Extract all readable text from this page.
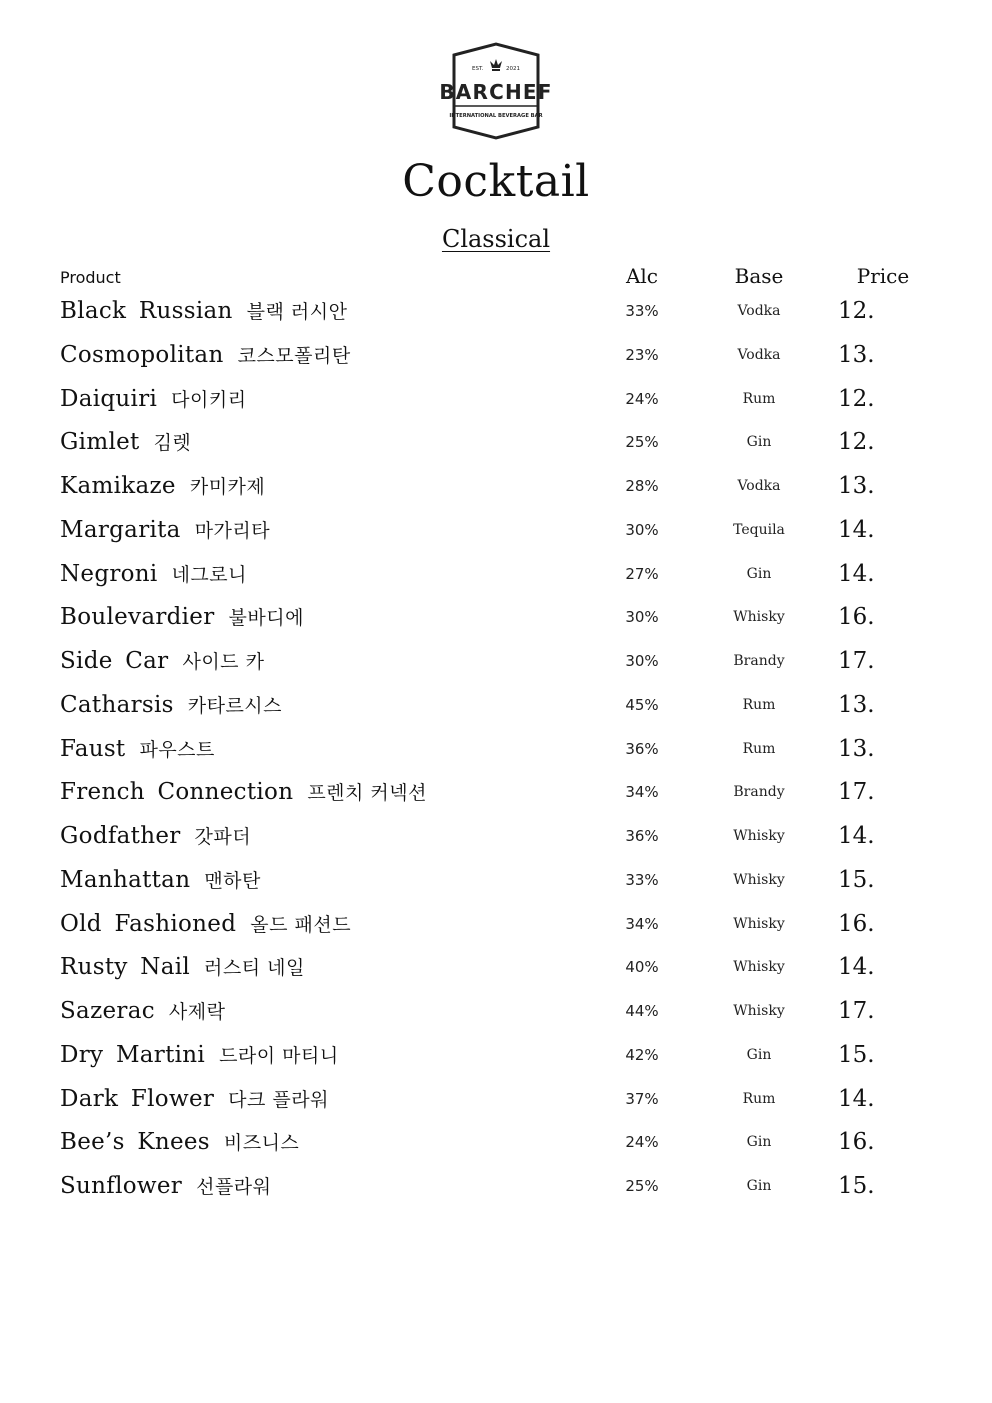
EST.	2021
BARCHEF
INTERNATIONAL BEVERAGE BAR
Cocktail
Classical
Product	Alc	Base	Price
Black Russian 블랙 러시안	33%	Vodka	12.
Cosmopolitan 코스모폴리탄	23%	Vodka	13.
Daiquiri 다이키리	24%	Rum	12.
Gimlet 김렛	25%	Gin	12.
Kamikaze 카미카제	28%	Vodka	13.
Margarita 마가리타	30%	Tequila	14.
Negroni 네그로니	27%	Gin	14.
Boulevardier 불바디에	30%	Whisky	16.
Side Car 사이드 카	30%	Brandy	17.
Catharsis 카타르시스	45%	Rum	13.
Faust 파우스트	36%	Rum	13.
French Connection 프렌치 커넥션	34%	Brandy	17.
Godfather 갓파더	36%	Whisky	14.
Manhattan 맨하탄	33%	Whisky	15.
Old Fashioned 올드 패션드	34%	Whisky	16.
Rusty Nail 러스티 네일	40%	Whisky	14.
Sazerac 사제락	44%	Whisky	17.
Dry Martini 드라이 마티니	42%	Gin	15.
Dark Flower 다크 플라워	37%	Rum	14.
Bee’s Knees 비즈니스	24%	Gin	16.
Sunflower 선플라워	25%	Gin	15.
